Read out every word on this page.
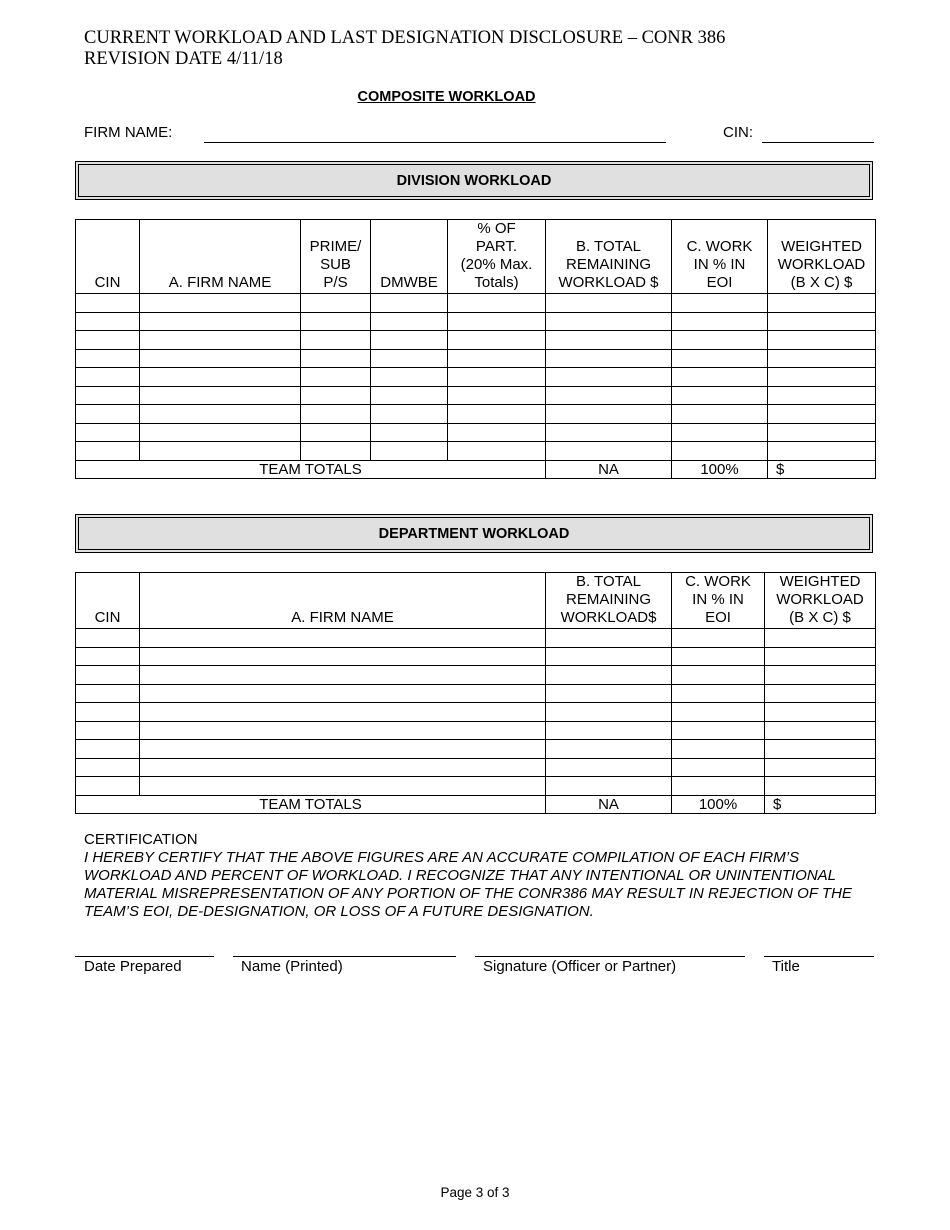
CURRENT WORKLOAD AND LAST DESIGNATION DISCLOSURE – CONR 386
REVISION DATE 4/11/18
COMPOSITE WORKLOAD
FIRM NAME:	CIN:
DIVISION WORKLOAD
CIN	A. FIRM NAME	PRIME/
SUB
P/S	DMWBE	% OF
PART.
(20% Max.
Totals)	B. TOTAL
REMAINING
WORKLOAD $	C. WORK
IN % IN
EOI	WEIGHTED
WORKLOAD
(B X C) $

TEAM TOTALS					NA	100%	$
DEPARTMENT WORKLOAD
CIN	A. FIRM NAME	B. TOTAL
REMAINING
WORKLOAD$	C. WORK
IN % IN
EOI	WEIGHTED
WORKLOAD
(B X C) $

TEAM TOTALS		NA	100%	$
CERTIFICATION
I HEREBY CERTIFY THAT THE ABOVE FIGURES ARE AN ACCURATE COMPILATION OF EACH FIRM’S WORKLOAD AND PERCENT OF WORKLOAD. I RECOGNIZE THAT ANY INTENTIONAL OR UNINTENTIONAL MATERIAL MISREPRESENTATION OF ANY PORTION OF THE CONR386 MAY RESULT IN REJECTION OF THE TEAM’S EOI, DE-DESIGNATION, OR LOSS OF A FUTURE DESIGNATION.
Date Prepared	Name (Printed)	Signature (Officer or Partner)	Title
Page 3 of 3
